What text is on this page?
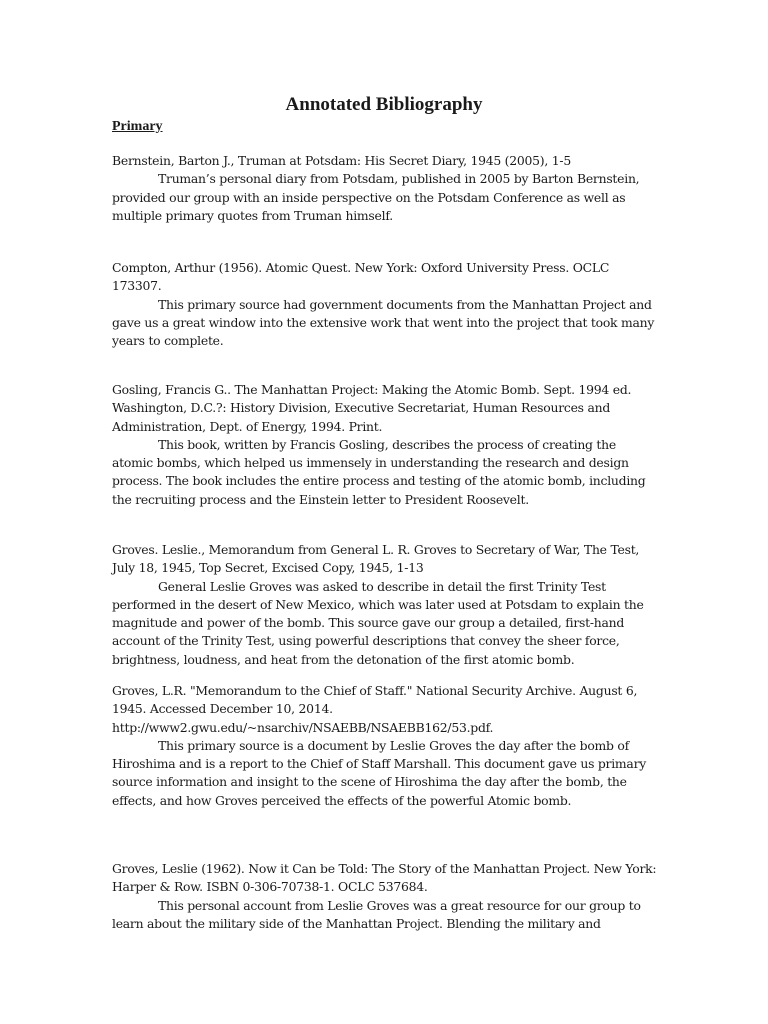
Annotated Bibliography
Primary

Bernstein, Barton J., Truman at Potsdam: His Secret Diary, 1945 (2005), 1-5

Truman’s personal diary from Potsdam, published in 2005 by Barton Bernstein, provided our group with an inside perspective on the Potsdam Conference as well as multiple primary quotes from Truman himself.

Compton, Arthur (1956). Atomic Quest. New York: Oxford University Press. OCLC 173307.

This primary source had government documents from the Manhattan Project and gave us a great window into the extensive work that went into the project that took many years to complete.

Gosling, Francis G.. The Manhattan Project: Making the Atomic Bomb. Sept. 1994 ed. Washington, D.C.?: History Division, Executive Secretariat, Human Resources and Administration, Dept. of Energy, 1994. Print.

This book, written by Francis Gosling, describes the process of creating the atomic bombs, which helped us immensely in understanding the research and design process. The book includes the entire process and testing of the atomic bomb, including the recruiting process and the Einstein letter to President Roosevelt.

Groves. Leslie., Memorandum from General L. R. Groves to Secretary of War, The Test, July 18, 1945, Top Secret, Excised Copy, 1945, 1-13

General Leslie Groves was asked to describe in detail the first Trinity Test performed in the desert of New Mexico, which was later used at Potsdam to explain the magnitude and power of the bomb. This source gave our group a detailed, first-hand account of the Trinity Test, using powerful descriptions that convey the sheer force, brightness, loudness, and heat from the detonation of the first atomic bomb.

Groves, L.R. "Memorandum to the Chief of Staff." National Security Archive. August 6, 1945. Accessed December 10, 2014. http://www2.gwu.edu/~nsarchiv/NSAEBB/NSAEBB162/53.pdf.

This primary source is a document by Leslie Groves the day after the bomb of Hiroshima and is a report to the Chief of Staff Marshall. This document gave us primary source information and insight to the scene of Hiroshima the day after the bomb, the effects, and how Groves perceived the effects of the powerful Atomic bomb.

Groves, Leslie (1962). Now it Can be Told: The Story of the Manhattan Project. New York: Harper & Row. ISBN 0-306-70738-1. OCLC 537684.

This personal account from Leslie Groves was a great resource for our group to learn about the military side of the Manhattan Project. Blending the military and
